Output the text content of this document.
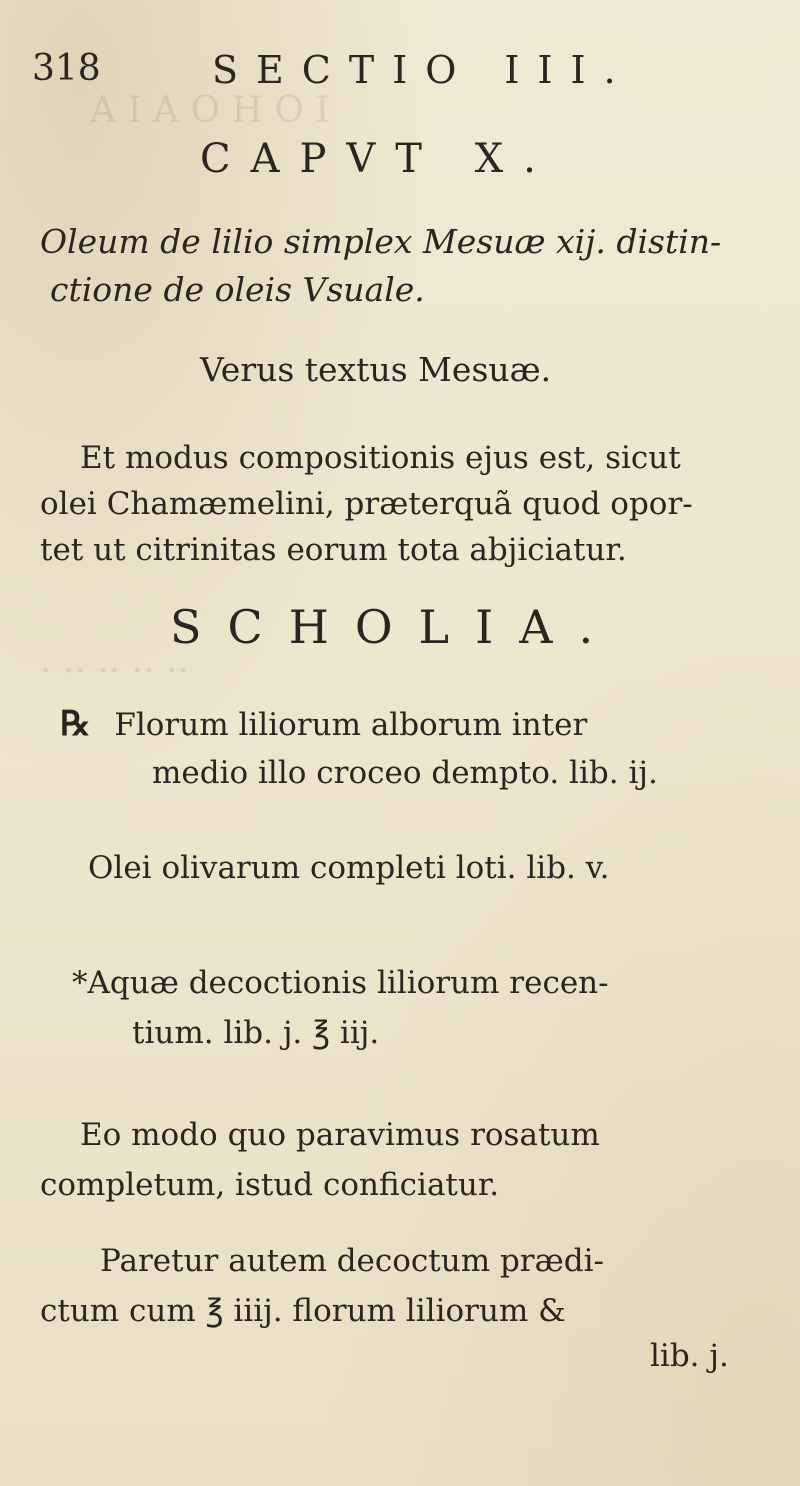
A I A O H O I
. .. .. .. ..
318	SECTIO III.
CAPVT X.
Oleum de lilio simplex Mesuæ xij. distin-
ctione de oleis Vsuale.
Verus textus Mesuæ.
Et modus compositionis ejus est, sicut
olei Chamæmelini, præterquã quod opor-
tet ut citrinitas eorum tota abjiciatur.
SCHOLIA.
℞ Florum liliorum alborum inter
medio illo croceo dempto. lib. ij.
Olei olivarum completi loti. lib. v.
*Aquæ decoctionis liliorum recen-
tium. lib. j. ℥ iij.
Eo modo quo paravimus rosatum
completum, istud conficiatur.
Paretur autem decoctum prædi-
ctum cum ℥ iiij. florum liliorum &
lib. j.
